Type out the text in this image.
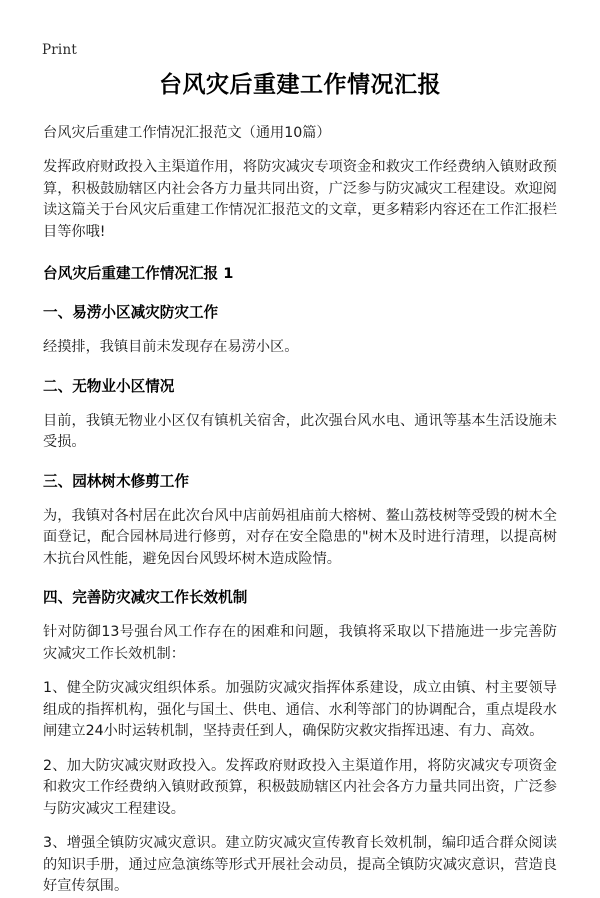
Print
台风灾后重建工作情况汇报
台风灾后重建工作情况汇报范文（通用10篇）

发挥政府财政投入主渠道作用，将防灾减灾专项资金和救灾工作经费纳入镇财政预算，积极鼓励辖区内社会各方力量共同出资，广泛参与防灾减灾工程建设。欢迎阅读这篇关于台风灾后重建工作情况汇报范文的文章，更多精彩内容还在工作汇报栏目等你哦!

台风灾后重建工作情况汇报 1
一、易涝小区减灾防灾工作

经摸排，我镇目前未发现存在易涝小区。

二、无物业小区情况

目前，我镇无物业小区仅有镇机关宿舍，此次强台风水电、通讯等基本生活设施未受损。

三、园林树木修剪工作

为，我镇对各村居在此次台风中店前妈祖庙前大榕树、鳌山荔枝树等受毁的树木全面登记，配合园林局进行修剪，对存在安全隐患的"树木及时进行清理，以提高树木抗台风性能，避免因台风毁坏树木造成险情。

四、完善防灾减灾工作长效机制

针对防御13号强台风工作存在的困难和问题，我镇将采取以下措施进一步完善防灾减灾工作长效机制：

1、健全防灾减灾组织体系。加强防灾减灾指挥体系建设，成立由镇、村主要领导组成的指挥机构，强化与国土、供电、通信、水利等部门的协调配合，重点堤段水闸建立24小时运转机制，坚持责任到人，确保防灾救灾指挥迅速、有力、高效。

2、加大防灾减灾财政投入。发挥政府财政投入主渠道作用，将防灾减灾专项资金和救灾工作经费纳入镇财政预算，积极鼓励辖区内社会各方力量共同出资，广泛参与防灾减灾工程建设。

3、增强全镇防灾减灾意识。建立防灾减灾宣传教育长效机制，编印适合群众阅读的知识手册，通过应急演练等形式开展社会动员，提高全镇防灾减灾意识，营造良好宣传氛围。
